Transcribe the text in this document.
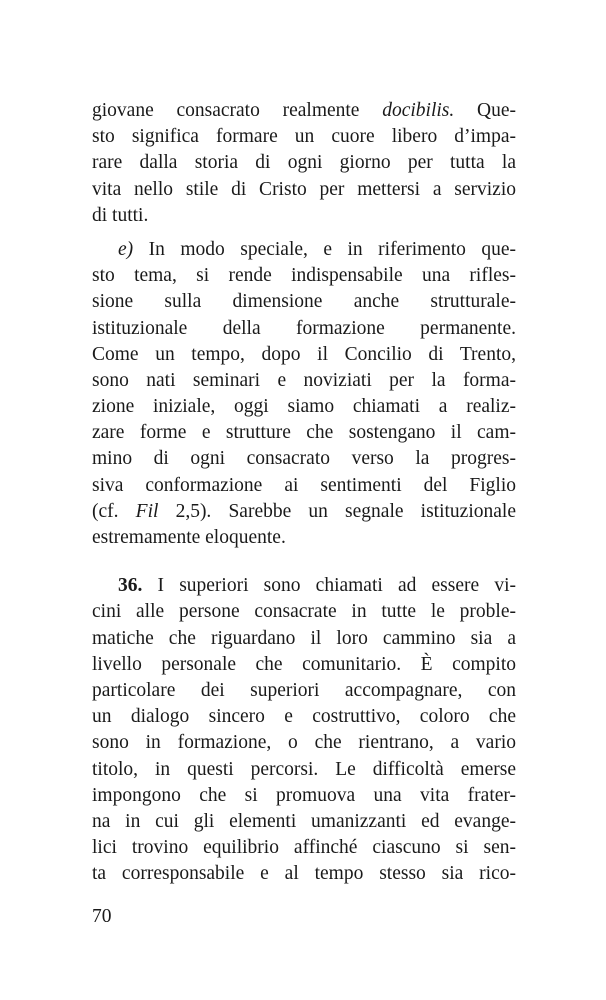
giovane consacrato realmente docibilis. Que-
sto significa formare un cuore libero d’impa-
rare dalla storia di ogni giorno per tutta la
vita nello stile di Cristo per mettersi a servizio
di tutti.
e) In modo speciale, e in riferimento que-
sto tema, si rende indispensabile una rifles-
sione sulla dimensione anche strutturale-
istituzionale della formazione permanente.
Come un tempo, dopo il Concilio di Trento,
sono nati seminari e noviziati per la forma-
zione iniziale, oggi siamo chiamati a realiz-
zare forme e strutture che sostengano il cam-
mino di ogni consacrato verso la progres-
siva conformazione ai sentimenti del Figlio
(cf. Fil 2,5). Sarebbe un segnale istituzionale
estremamente eloquente.
36. I superiori sono chiamati ad essere vi-
cini alle persone consacrate in tutte le proble-
matiche che riguardano il loro cammino sia a
livello personale che comunitario. È compito
particolare dei superiori accompagnare, con
un dialogo sincero e costruttivo, coloro che
sono in formazione, o che rientrano, a vario
titolo, in questi percorsi. Le difficoltà emerse
impongono che si promuova una vita frater-
na in cui gli elementi umanizzanti ed evange-
lici trovino equilibrio affinché ciascuno si sen-
ta corresponsabile e al tempo stesso sia rico-
70
